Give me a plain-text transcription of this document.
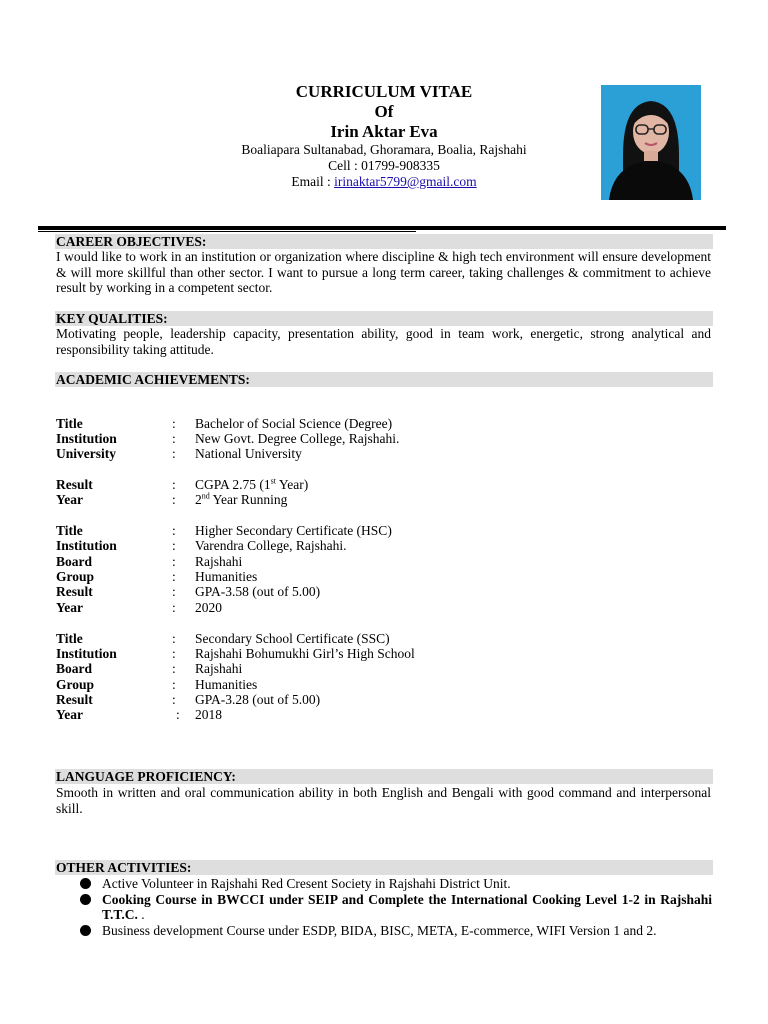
CURRICULUM VITAE
Of
Irin Aktar Eva
Boaliapara Sultanabad, Ghoramara, Boalia, Rajshahi
Cell : 01799-908335
Email : irinaktar5799@gmail.com
CAREER OBJECTIVES:
I would like to work in an institution or organization where discipline & high tech environment will ensure development & will more skillful than other sector. I want to pursue a long term career, taking challenges & commitment to achieve result by working in a competent sector.
KEY QUALITIES:
Motivating people, leadership capacity, presentation ability, good in team work, energetic, strong analytical and responsibility taking attitude.
ACADEMIC ACHIEVEMENTS:
Title	: Bachelor of Social Science (Degree)
Institution	: New Govt. Degree College, Rajshahi.
University	: National University
Result	: CGPA 2.75 (1st Year)
Year	: 2nd Year Running
Title	: Higher Secondary Certificate (HSC)
Institution	: Varendra College, Rajshahi.
Board	: Rajshahi
Group	: Humanities
Result	: GPA-3.58 (out of 5.00)
Year	: 2020
Title	: Secondary School Certificate (SSC)
Institution	: Rajshahi Bohumukhi Girl’s High School
Board	: Rajshahi
Group	: Humanities
Result	: GPA-3.28 (out of 5.00)
Year	: 2018
LANGUAGE PROFICIENCY:
Smooth in written and oral communication ability in both English and Bengali with good command and interpersonal skill.
OTHER ACTIVITIES:
Active Volunteer in Rajshahi Red Cresent Society in Rajshahi District Unit.
Cooking Course in BWCCI under SEIP and Complete the International Cooking Level 1-2 in Rajshahi T.T.C. .
Business development Course under ESDP, BIDA, BISC, META, E-commerce, WIFI Version 1 and 2.
